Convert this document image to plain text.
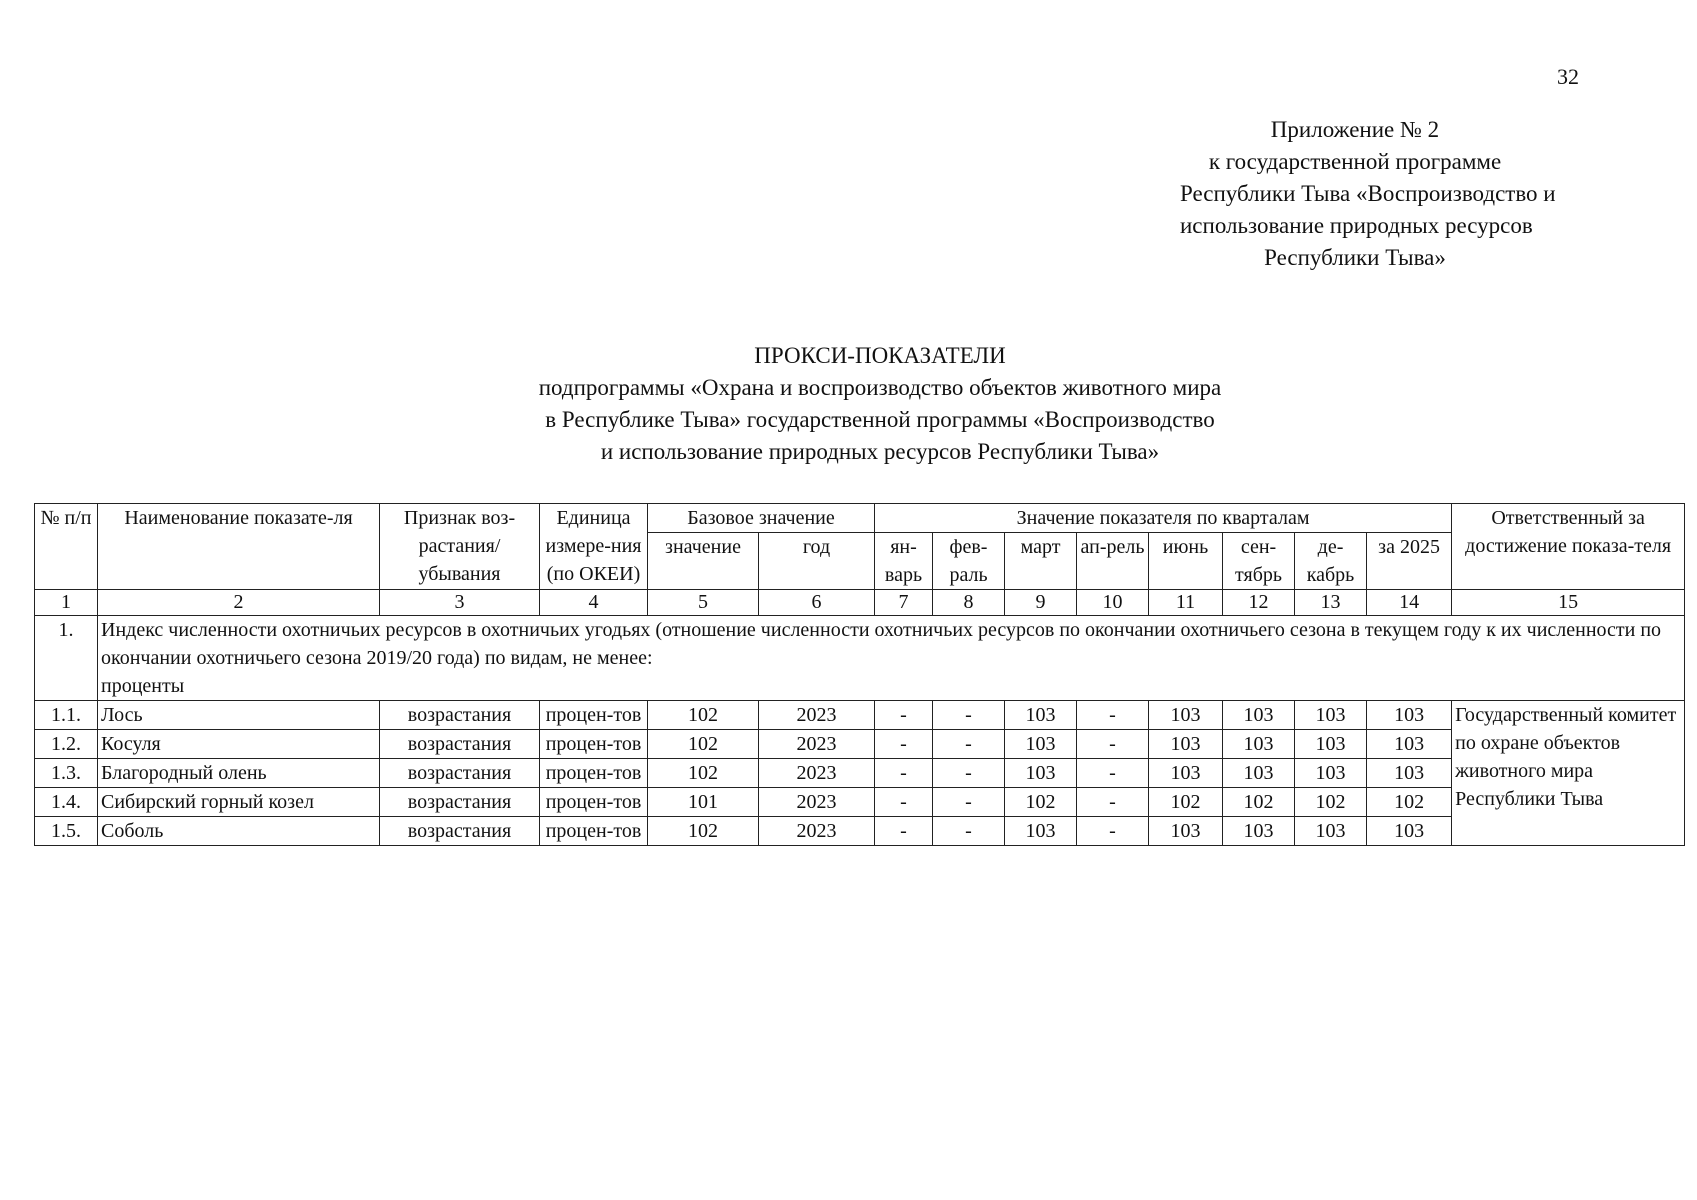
32
Приложение № 2
к государственной программе
Республики Тыва «Воспроизводство и
использование природных ресурсов
Республики Тыва»
ПРОКСИ-ПОКАЗАТЕЛИ
подпрограммы «Охрана и воспроизводство объектов животного мира
в Республике Тыва» государственной программы «Воспроизводство
и использование природных ресурсов Республики Тыва»
№ п/п	Наименование показате-ля	Признак воз-растания/ убывания	Единица измере-ния (по ОКЕИ)	Базовое значение		Значение показателя по кварталам								Ответственный за достижение показа-теля
				значение	год	ян-варь	фев-раль	март	ап-рель	июнь	сен-тябрь	де-кабрь	за 2025	
1	2	3	4	5	6	7	8	9	10	11	12	13	14	15
1.	Индекс численности охотничьих ресурсов в охотничьих угодьях (отношение численности охотничьих ресурсов по окончании охотничьего сезона в текущем году к их численности по окончании охотничьего сезона 2019/20 года) по видам, не менее:
проценты													

1.1.	Лось	возрастания	процен-тов	102	2023	-	-	103	-	103	103	103	103	Государственный комитет по охране объектов животного мира Республики Тыва
1.2.	Косуля	возрастания	процен-тов	102	2023	-	-	103	-	103	103	103	103	
1.3.	Благородный олень	возрастания	процен-тов	102	2023	-	-	103	-	103	103	103	103	
1.4.	Сибирский горный козел	возрастания	процен-тов	101	2023	-	-	102	-	102	102	102	102	
1.5.	Соболь	возрастания	процен-тов	102	2023	-	-	103	-	103	103	103	103	
